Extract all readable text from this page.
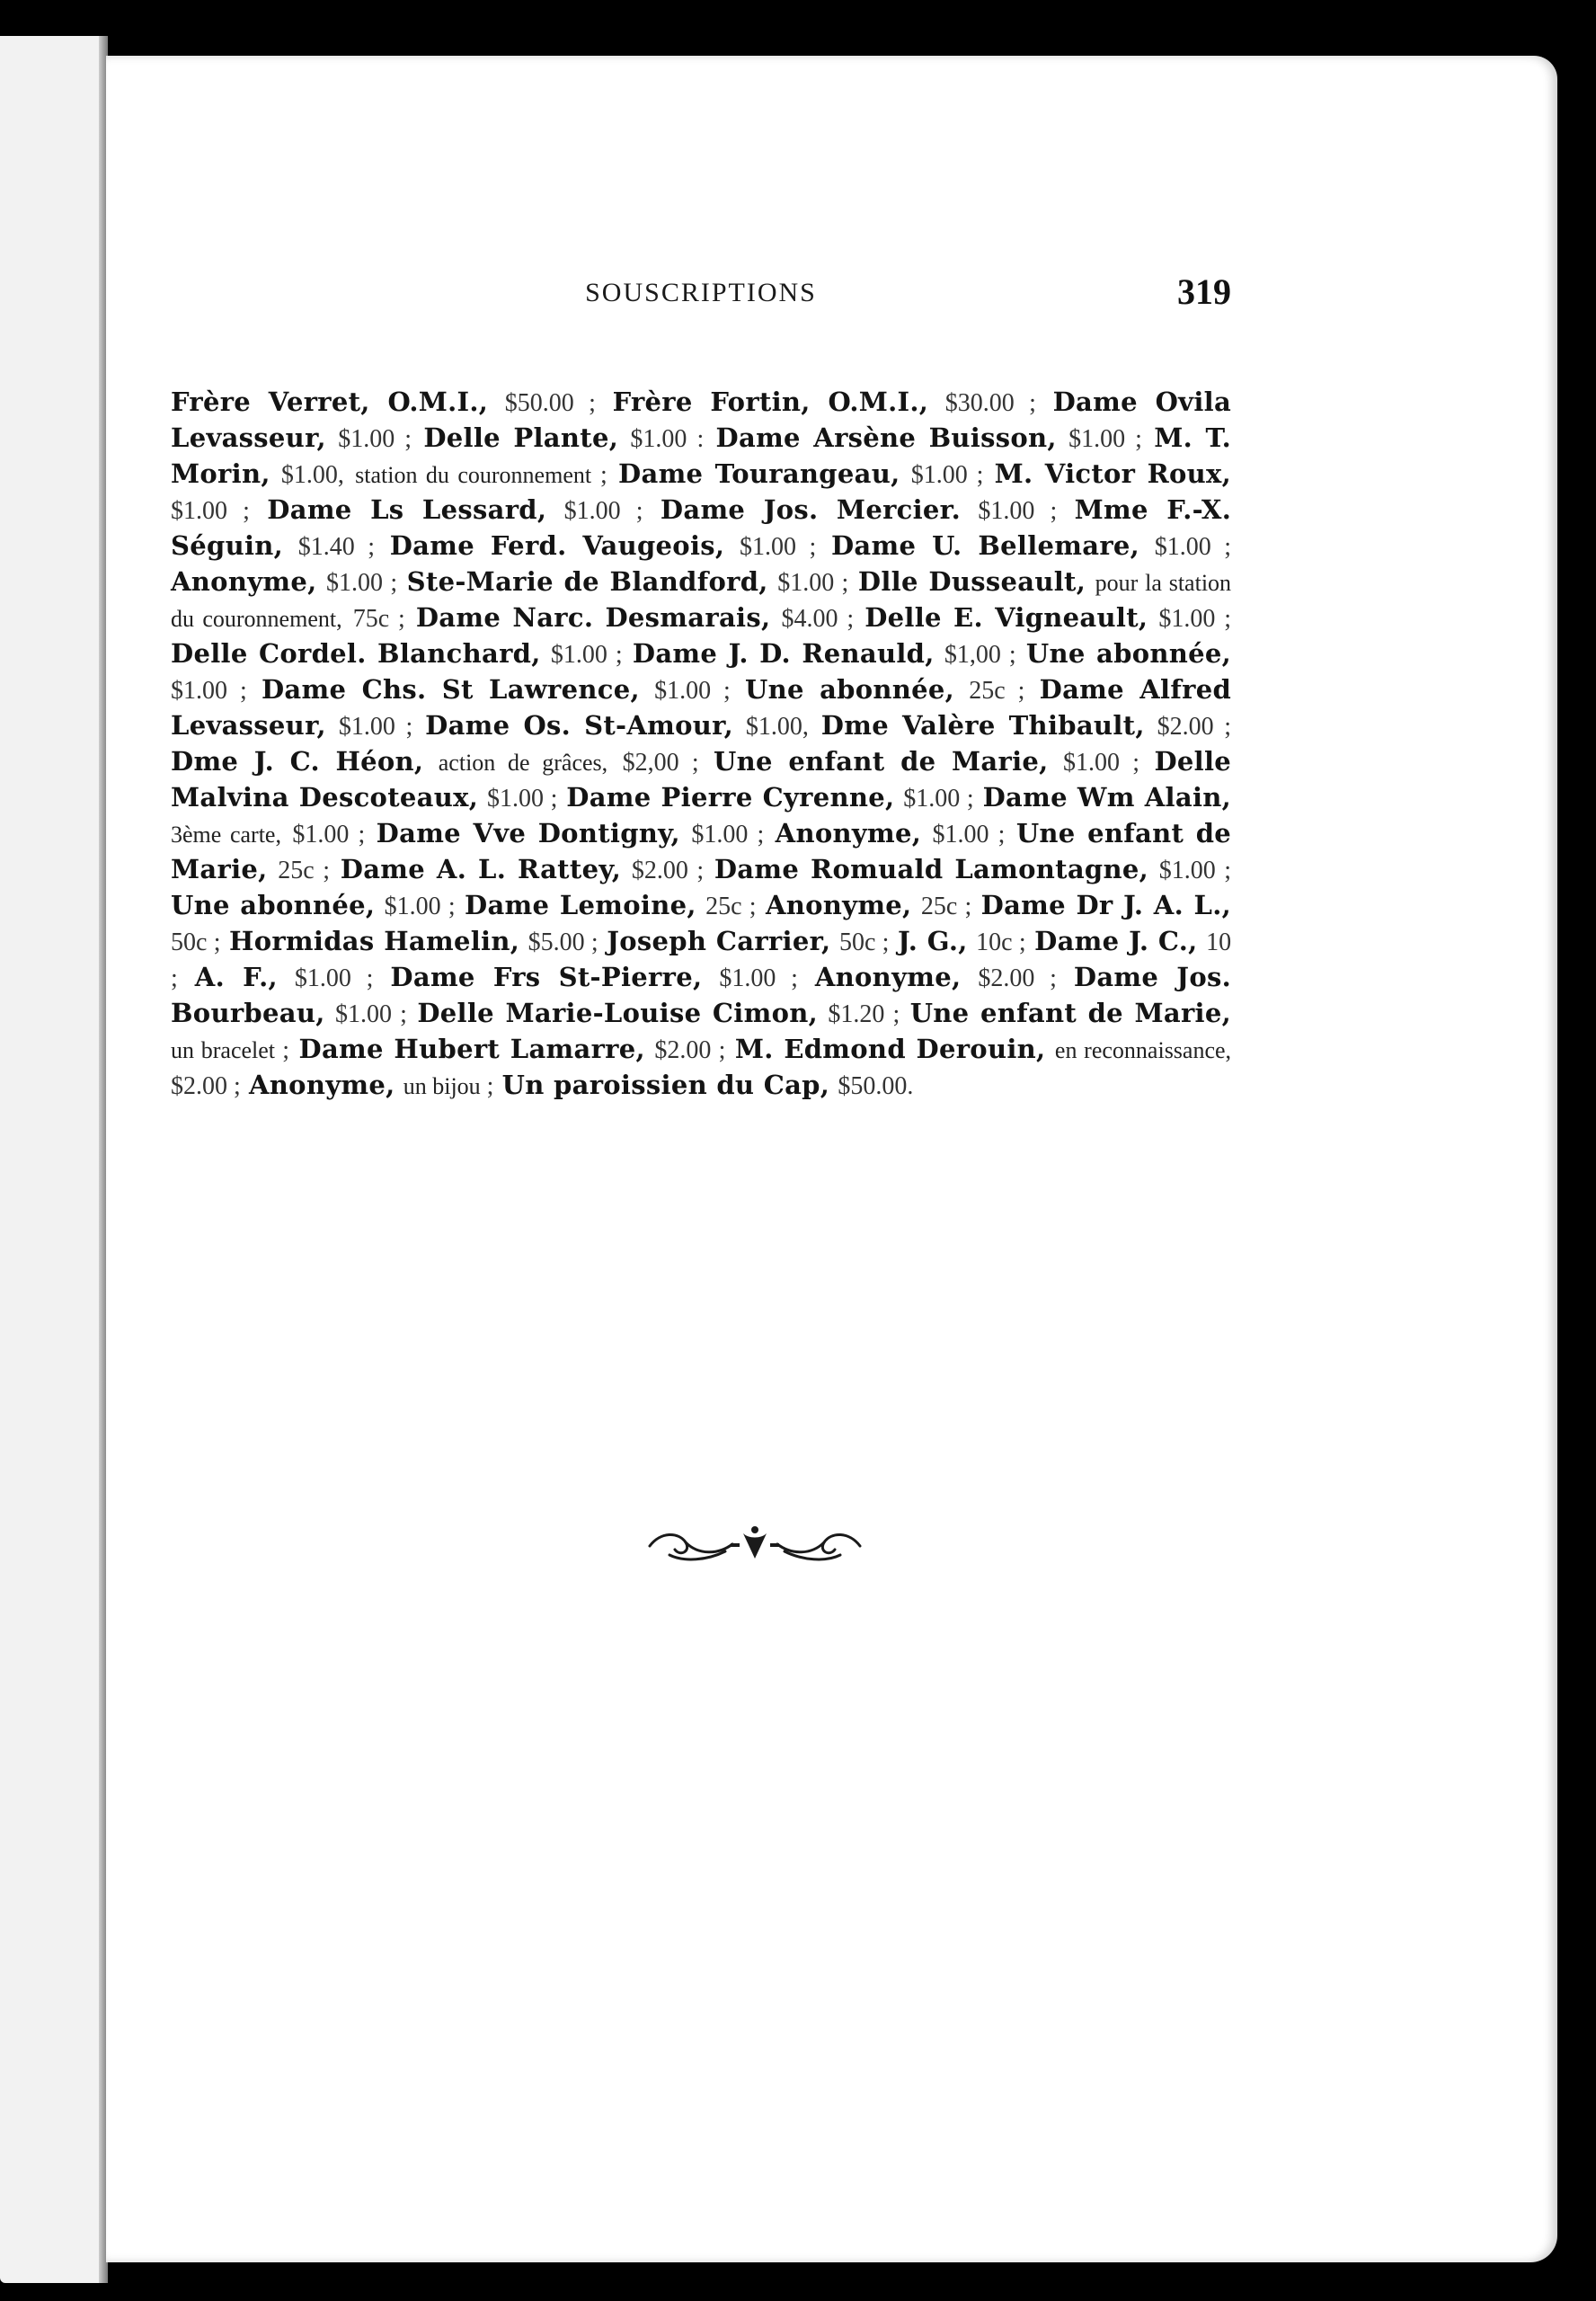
SOUSCRIPTIONS	319

Frère Verret, O.M.I., $50.00 ; Frère Fortin, O.M.I., $30.00 ; Dame Ovila Levasseur, $1.00 ; Delle Plante, $1.00 : Dame Arsène Buisson, $1.00 ; M. T. Morin, $1.00, station du couronnement ; Dame Tourangeau, $1.00 ; M. Victor Roux, $1.00 ; Dame Ls Lessard, $1.00 ; Dame Jos. Mercier. $1.00 ; Mme F.-X. Séguin, $1.40 ; Dame Ferd. Vaugeois, $1.00 ; Dame U. Bellemare, $1.00 ; Anonyme, $1.00 ; Ste-Marie de Blandford, $1.00 ; Dlle Dusseault, pour la station du couronnement, 75c ; Dame Narc. Desmarais, $4.00 ; Delle E. Vigneault, $1.00 ; Delle Cordel. Blanchard, $1.00 ; Dame J. D. Renauld, $1,00 ; Une abonnée, $1.00 ; Dame Chs. St Lawrence, $1.00 ; Une abonnée, 25c ; Dame Alfred Levasseur, $1.00 ; Dame Os. St-Amour, $1.00, Dme Valère Thibault, $2.00 ; Dme J. C. Héon, action de grâces, $2,00 ; Une enfant de Marie, $1.00 ; Delle Malvina Descoteaux, $1.00 ; Dame Pierre Cyrenne, $1.00 ; Dame Wm Alain, 3ème carte, $1.00 ; Dame Vve Dontigny, $1.00 ; Anonyme, $1.00 ; Une enfant de Marie, 25c ; Dame A. L. Rattey, $2.00 ; Dame Romuald Lamontagne, $1.00 ; Une abonnée, $1.00 ; Dame Lemoine, 25c ; Anonyme, 25c ; Dame Dr J. A. L., 50c ; Hormidas Hamelin, $5.00 ; Joseph Carrier, 50c ; J. G., 10c ; Dame J. C., 10 ; A. F., $1.00 ; Dame Frs St-Pierre, $1.00 ; Anonyme, $2.00 ; Dame Jos. Bourbeau, $1.00 ; Delle Marie-Louise Cimon, $1.20 ; Une enfant de Marie, un bracelet ; Dame Hubert Lamarre, $2.00 ; M. Edmond Derouin, en reconnaissance, $2.00 ; Anonyme, un bijou ; Un paroissien du Cap, $50.00.
